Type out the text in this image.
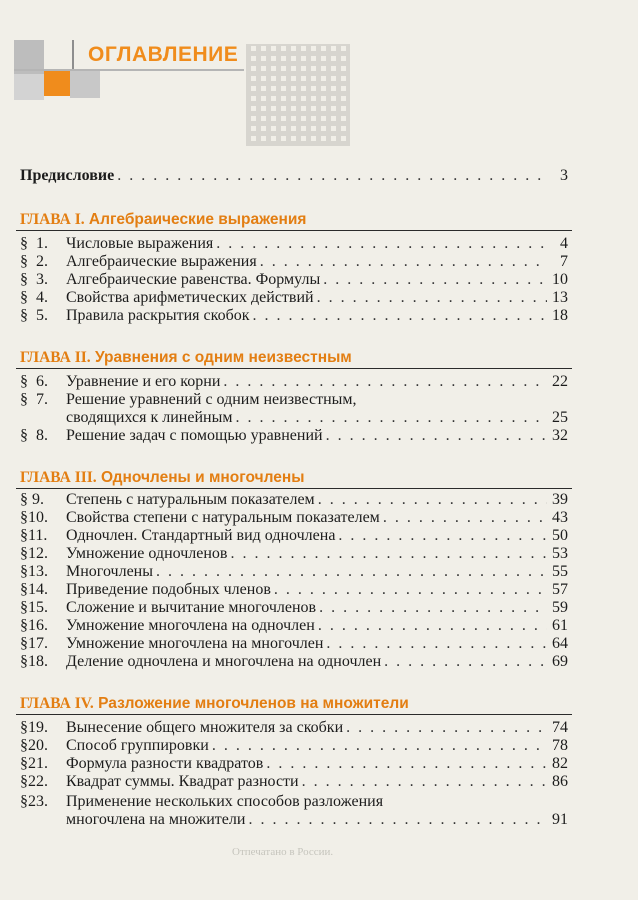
ОГЛАВЛЕНИЕ
Предисловие . . .	3
ГЛАВА I. Алгебраические выражения
§  1.	Числовые выражения . . .	4
§  2.	Алгебраические выражения . . .	7
§  3.	Алгебраические равенства. Формулы . . .	10
§  4.	Свойства арифметических действий . . .	13
§  5.	Правила раскрытия скобок . . .	18
ГЛАВА II. Уравнения с одним неизвестным
§  6.	Уравнение и его корни . . .	22
§  7.	Решение уравнений с одним неизвестным,
сводящихся к линейным . . .	25
§  8.	Решение задач с помощью уравнений . . .	32
ГЛАВА III. Одночлены и многочлены
§ 9.	Степень с натуральным показателем . . .	39
§10.	Свойства степени с натуральным показателем . . .	43
§11.	Одночлен. Стандартный вид одночлена . . .	50
§12.	Умножение одночленов . . .	53
§13.	Многочлены . . .	55
§14.	Приведение подобных членов . . .	57
§15.	Сложение и вычитание многочленов . . .	59
§16.	Умножение многочлена на одночлен . . .	61
§17.	Умножение многочлена на многочлен . . .	64
§18.	Деление одночлена и многочлена на одночлен . . .	69
ГЛАВА IV. Разложение многочленов на множители
§19.	Вынесение общего множителя за скобки . . .	74
§20.	Способ группировки . . .	78
§21.	Формула разности квадратов . . .	82
§22.	Квадрат суммы. Квадрат разности . . .	86
§23.	Применение нескольких способов разложения
многочлена на множители . . .	91
Отпечатано в России.
